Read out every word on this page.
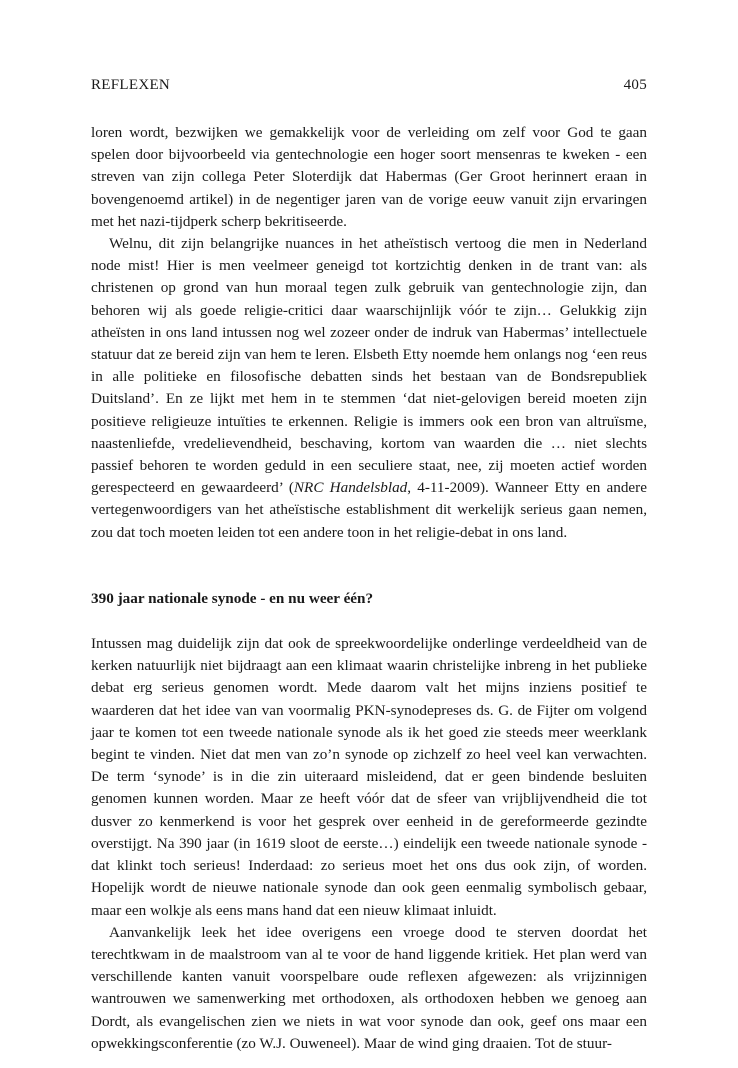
REFLEXEN	405

loren wordt, bezwijken we gemakkelijk voor de verleiding om zelf voor God te gaan spelen door bijvoorbeeld via gentechnologie een hoger soort mensenras te kweken - een streven van zijn collega Peter Sloterdijk dat Habermas (Ger Groot herinnert eraan in bovengenoemd artikel) in de negentiger jaren van de vorige eeuw vanuit zijn ervaringen met het nazi-tijdperk scherp bekritiseerde.

Welnu, dit zijn belangrijke nuances in het atheïstisch vertoog die men in Nederland node mist! Hier is men veelmeer geneigd tot kortzichtig denken in de trant van: als christenen op grond van hun moraal tegen zulk gebruik van gentechnologie zijn, dan behoren wij als goede religie-critici daar waarschijnlijk vóór te zijn… Gelukkig zijn atheïsten in ons land intussen nog wel zozeer onder de indruk van Habermas’ intellectuele statuur dat ze bereid zijn van hem te leren. Elsbeth Etty noemde hem onlangs nog ‘een reus in alle politieke en filosofische debatten sinds het bestaan van de Bondsrepubliek Duitsland’. En ze lijkt met hem in te stemmen ‘dat niet-gelovigen bereid moeten zijn positieve religieuze intuïties te erkennen. Religie is immers ook een bron van altruïsme, naastenliefde, vredelievendheid, beschaving, kortom van waarden die … niet slechts passief behoren te worden geduld in een seculiere staat, nee, zij moeten actief worden gerespecteerd en gewaardeerd’ (NRC Handelsblad, 4-11-2009). Wanneer Etty en andere vertegenwoordigers van het atheïstische establishment dit werkelijk serieus gaan nemen, zou dat toch moeten leiden tot een andere toon in het religie-debat in ons land.

390 jaar nationale synode - en nu weer één?

Intussen mag duidelijk zijn dat ook de spreekwoordelijke onderlinge verdeeldheid van de kerken natuurlijk niet bijdraagt aan een klimaat waarin christelijke inbreng in het publieke debat erg serieus genomen wordt. Mede daarom valt het mijns inziens positief te waarderen dat het idee van van voormalig PKN-synodepreses ds. G. de Fijter om volgend jaar te komen tot een tweede nationale synode als ik het goed zie steeds meer weerklank begint te vinden. Niet dat men van zo’n synode op zichzelf zo heel veel kan verwachten. De term ‘synode’ is in die zin uiteraard misleidend, dat er geen bindende besluiten genomen kunnen worden. Maar ze heeft vóór dat de sfeer van vrijblijvendheid die tot dusver zo kenmerkend is voor het gesprek over eenheid in de gereformeerde gezindte overstijgt. Na 390 jaar (in 1619 sloot de eerste…) eindelijk een tweede nationale synode - dat klinkt toch serieus! Inderdaad: zo serieus moet het ons dus ook zijn, of worden. Hopelijk wordt de nieuwe nationale synode dan ook geen eenmalig symbolisch gebaar, maar een wolkje als eens mans hand dat een nieuw klimaat inluidt.

Aanvankelijk leek het idee overigens een vroege dood te sterven doordat het terechtkwam in de maalstroom van al te voor de hand liggende kritiek. Het plan werd van verschillende kanten vanuit voorspelbare oude reflexen afgewezen: als vrijzinnigen wantrouwen we samenwerking met orthodoxen, als orthodoxen hebben we genoeg aan Dordt, als evangelischen zien we niets in wat voor synode dan ook, geef ons maar een opwekkingsconferentie (zo W.J. Ouweneel). Maar de wind ging draaien. Tot de stuur-
